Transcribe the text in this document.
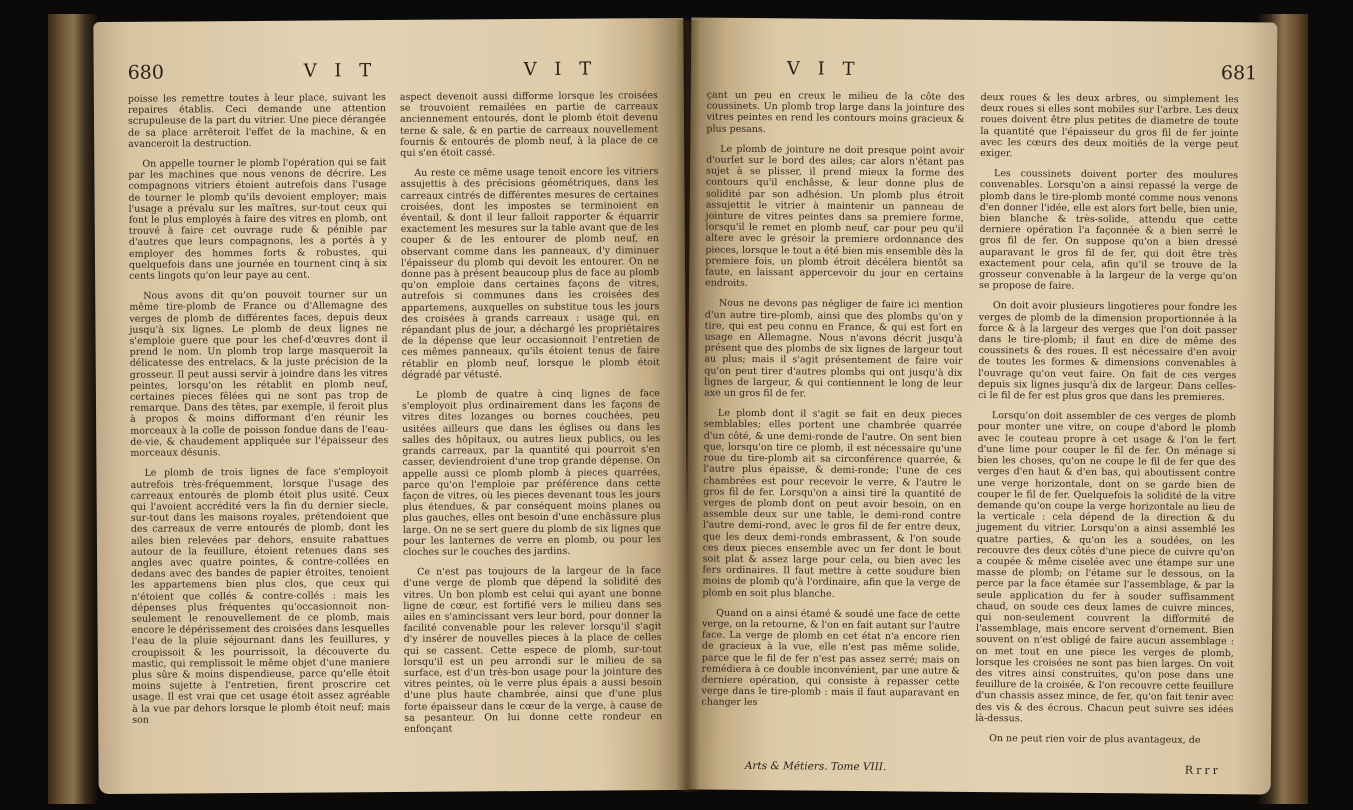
680	V I T	V I T

poisse les remettre toutes à leur place, suivant les repaires établis. Ceci demande une attention scrupuleuse de la part du vitrier. Une piece dérangée de sa place arrêteroit l'effet de la machine, & en avanceroit la destruction.

On appelle tourner le plomb l'opération qui se fait par les machines que nous venons de décrire. Les compagnons vitriers étoient autrefois dans l'usage de tourner le plomb qu'ils devoient employer; mais l'usage a prévalu sur les maîtres, sur-tout ceux qui font le plus employés à faire des vitres en plomb, ont trouvé à faire cet ouvrage rude & pénible par d'autres que leurs compagnons, les a portés à y employer des hommes forts & robustes, qui quelquefois dans une journée en tournent cinq à six cents lingots qu'on leur paye au cent.

Nous avons dit qu'on pouvoit tourner sur un même tire-plomb de France ou d'Allemagne des verges de plomb de différentes faces, depuis deux jusqu'à six lignes. Le plomb de deux lignes ne s'emploie guere que pour les chef-d'œuvres dont il prend le nom. Un plomb trop large masqueroit la délicatesse des entrelacs, & la juste précision de la grosseur. Il peut aussi servir à joindre dans les vitres peintes, lorsqu'on les rétablit en plomb neuf, certaines pieces fêlées qui ne sont pas trop de remarque. Dans des têtes, par exemple, il feroit plus à propos & moins difformant d'en réunir les morceaux à la colle de poisson fondue dans de l'eau-de-vie, & chaudement appliquée sur l'épaisseur des morceaux désunis.

Le plomb de trois lignes de face s'employoit autrefois très-fréquemment, lorsque l'usage des carreaux entourés de plomb étoit plus usité. Ceux qui l'avoient accrédité vers la fin du dernier siecle, sur-tout dans les maisons royales, prétendoient que des carreaux de verre entourés de plomb, dont les ailes bien relevées par dehors, ensuite rabattues autour de la feuillure, étoient retenues dans ses angles avec quatre pointes, & contre-collées en dedans avec des bandes de papier étroites, tenoient les appartemens bien plus clos, que ceux qui n'étoient que collés & contre-collés : mais les dépenses plus fréquentes qu'occasionnoit non-seulement le renouvellement de ce plomb, mais encore le dépérissement des croisées dans lesquelles l'eau de la pluie séjournant dans les feuillures, y croupissoit & les pourrissoit, la découverte du mastic, qui remplissoit le même objet d'une maniere plus sûre & moins dispendieuse, parce qu'elle étoit moins sujette à l'entretien, firent proscrire cet usage. Il est vrai que cet usage étoit assez agréable à la vue par dehors lorsque le plomb étoit neuf; mais son

aspect devenoit aussi difforme lorsque les croisées se trouvoient remailées en partie de carreaux anciennement entourés, dont le plomb étoit devenu terne & sale, & en partie de carreaux nouvellement fournis & entourés de plomb neuf, à la place de ce qui s'en étoit cassé.

Au reste ce même usage tenoit encore les vitriers assujettis à des précisions géométriques, dans les carreaux cintrés de différentes mesures de certaines croisées, dont les impostes se terminoient en éventail, & dont il leur falloit rapporter & équarrir exactement les mesures sur la table avant que de les couper & de les entourer de plomb neuf, en observant comme dans les panneaux, d'y diminuer l'épaisseur du plomb qui devoit les entourer. On ne donne pas à présent beaucoup plus de face au plomb qu'on emploie dans certaines façons de vitres, autrefois si communes dans les croisées des appartemens, auxquelles on substitue tous les jours des croisées à grands carreaux : usage qui, en répandant plus de jour, a déchargé les propriétaires de la dépense que leur occasionnoit l'entretien de ces mêmes panneaux, qu'ils étoient tenus de faire rétablir en plomb neuf, lorsque le plomb étoit dégradé par vétusté.

Le plomb de quatre à cinq lignes de face s'employoit plus ordinairement dans les façons de vitres dites lozanges ou bornes couchées, peu usitées ailleurs que dans les églises ou dans les salles des hôpitaux, ou autres lieux publics, ou les grands carreaux, par la quantité qui pourroit s'en casser, deviendroient d'une trop grande dépense. On appelle aussi ce plomb plomb à pieces quarrées, parce qu'on l'emploie par préférence dans cette façon de vitres, où les pieces devenant tous les jours plus étendues, & par conséquent moins planes ou plus gauches, elles ont besoin d'une enchâssure plus large. On ne se sert guere du plomb de six lignes que pour les lanternes de verre en plomb, ou pour les cloches sur le couches des jardins.

Ce n'est pas toujours de la largeur de la face d'une verge de plomb que dépend la solidité des vitres. Un bon plomb est celui qui ayant une bonne ligne de cœur, est fortifié vers le milieu dans ses ailes en s'amincissant vers leur bord, pour donner la facilité convenable pour les relever lorsqu'il s'agit d'y insérer de nouvelles pieces à la place de celles qui se cassent. Cette espece de plomb, sur-tout lorsqu'il est un peu arrondi sur le milieu de sa surface, est d'un très-bon usage pour la jointure des vitres peintes, où le verre plus épais a aussi besoin d'une plus haute chambrée, ainsi que d'une plus forte épaisseur dans le cœur de la verge, à cause de sa pesanteur. On lui donne cette rondeur en enfonçant

V I T	681

çant un peu en creux le milieu de la côte des coussinets. Un plomb trop large dans la jointure des vitres peintes en rend les contours moins gracieux & plus pesans.

Le plomb de jointure ne doit presque point avoir d'ourlet sur le bord des ailes; car alors n'étant pas sujet à se plisser, il prend mieux la forme des contours qu'il enchâsse, & leur donne plus de solidité par son adhésion. Un plomb plus étroit assujettit le vitrier à maintenir un panneau de jointure de vitres peintes dans sa premiere forme, lorsqu'il le remet en plomb neuf, car pour peu qu'il altere avec le grésoir la premiere ordonnance des pieces, lorsque le tout a été bien mis ensemble dès la premiere fois, un plomb étroit décélera bientôt sa faute, en laissant appercevoir du jour en certains endroits.

Nous ne devons pas négliger de faire ici mention d'un autre tire-plomb, ainsi que des plombs qu'on y tire, qui est peu connu en France, & qui est fort en usage en Allemagne. Nous n'avons décrit jusqu'à présent que des plombs de six lignes de largeur tout au plus; mais il s'agit présentement de faire voir qu'on peut tirer d'autres plombs qui ont jusqu'à dix lignes de largeur, & qui contiennent le long de leur axe un gros fil de fer.

Le plomb dont il s'agit se fait en deux pieces semblables; elles portent une chambrée quarrée d'un côté, & une demi-ronde de l'autre. On sent bien que, lorsqu'on tire ce plomb, il est nécessaire qu'une roue du tire-plomb ait sa circonférence quarrée, & l'autre plus épaisse, & demi-ronde; l'une de ces chambrées est pour recevoir le verre, & l'autre le gros fil de fer. Lorsqu'on a ainsi tiré la quantité de verges de plomb dont on peut avoir besoin, on en assemble deux sur une table, le demi-rond contre l'autre demi-rond, avec le gros fil de fer entre deux, que les deux demi-ronds embrassent, & l'on soude ces deux pieces ensemble avec un fer dont le bout soit plat & assez large pour cela, ou bien avec les fers ordinaires. Il faut mettre à cette soudure bien moins de plomb qu'à l'ordinaire, afin que la verge de plomb en soit plus blanche.

Quand on a ainsi étamé & soudé une face de cette verge, on la retourne, & l'on en fait autant sur l'autre face. La verge de plomb en cet état n'a encore rien de gracieux à la vue, elle n'est pas même solide, parce que le fil de fer n'est pas assez serré; mais on remédiera à ce double inconvénient, par une autre & derniere opération, qui consiste à repasser cette verge dans le tire-plomb : mais il faut auparavant en changer les

deux roues & les deux arbres, ou simplement les deux roues si elles sont mobiles sur l'arbre. Les deux roues doivent être plus petites de diametre de toute la quantité que l'épaisseur du gros fil de fer jointe avec les cœurs des deux moitiés de la verge peut exiger.

Les coussinets doivent porter des moulures convenables. Lorsqu'on a ainsi repassé la verge de plomb dans le tire-plomb monté comme nous venons d'en donner l'idée, elle est alors fort belle, bien unie, bien blanche & très-solide, attendu que cette derniere opération l'a façonnée & a bien serré le gros fil de fer. On suppose qu'on a bien dressé auparavant le gros fil de fer, qui doit être très exactement pour cela, afin qu'il se trouve de la grosseur convenable à la largeur de la verge qu'on se propose de faire.

On doit avoir plusieurs lingotieres pour fondre les verges de plomb de la dimension proportionnée à la force & à la largeur des verges que l'on doit passer dans le tire-plomb; il faut en dire de même des coussinets & des roues. Il est nécessaire d'en avoir de toutes les formes & dimensions convenables à l'ouvrage qu'on veut faire. On fait de ces verges depuis six lignes jusqu'à dix de largeur. Dans celles-ci le fil de fer est plus gros que dans les premieres.

Lorsqu'on doit assembler de ces verges de plomb pour monter une vitre, on coupe d'abord le plomb avec le couteau propre à cet usage & l'on le fert d'une lime pour couper le fil de fer. On ménage si bien les choses, qu'on ne coupe le fil de fer que des verges d'en haut & d'en bas, qui aboutissent contre une verge horizontale, dont on se garde bien de couper le fil de fer. Quelquefois la solidité de la vitre demande qu'on coupe la verge horizontale au lieu de la verticale : cela dépend de la direction & du jugement du vitrier. Lorsqu'on a ainsi assemblé les quatre parties, & qu'on les a soudées, on les recouvre des deux côtés d'une piece de cuivre qu'on a coupée & même ciselée avec une étampe sur une masse de plomb; on l'étame sur le dessous, on la perce par la face étamée sur l'assemblage, & par la seule application du fer à souder suffisamment chaud, on soude ces deux lames de cuivre minces, qui non-seulement couvrent la difformité de l'assemblage, mais encore servent d'ornement. Bien souvent on n'est obligé de faire aucun assemblage : on met tout en une piece les verges de plomb, lorsque les croisées ne sont pas bien larges. On voit des vitres ainsi construites, qu'on pose dans une feuillure de la croisée, & l'on recouvre cette feuillure d'un chassis assez mince, de fer, qu'on fait tenir avec des vis & des écrous. Chacun peut suivre ses idées là-dessus.

On ne peut rien voir de plus avantageux, de

Arts & Métiers. Tome VIII.	Rrrr
